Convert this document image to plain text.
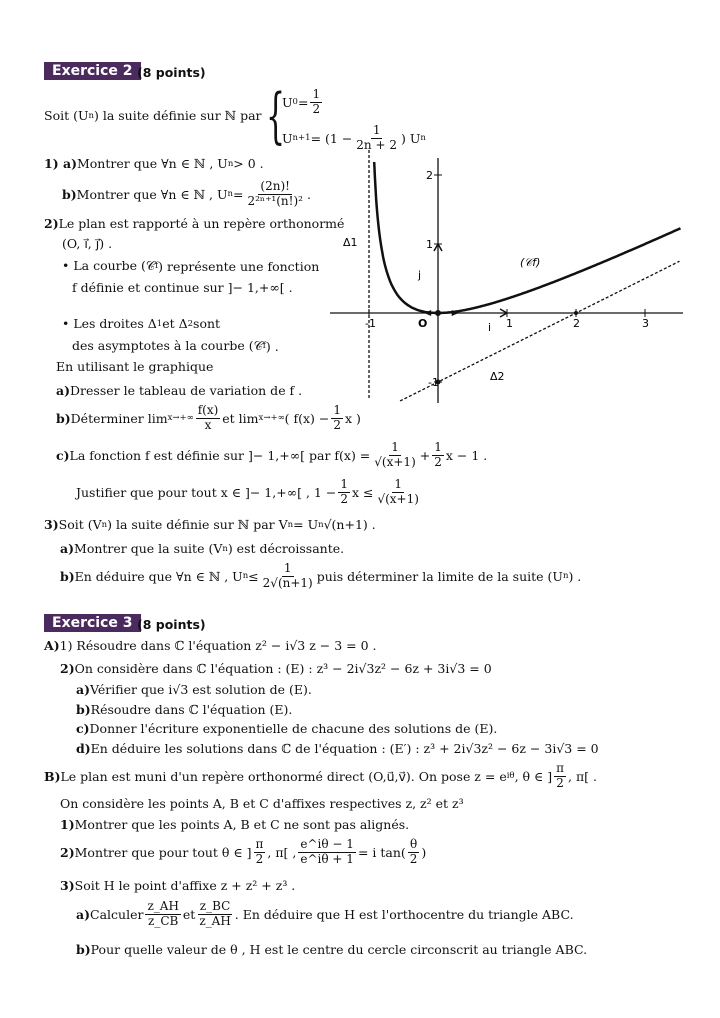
Exercice 2 (8 points)
{
Soit (U n ) la suite définie sur ℕ par
U $0 = \frac{1}{2}$
U $n+1 = (1 - \frac{1}{2n + 2}$ ) U n
1) a) Montrer que ∀n ∈ ℕ , U n > 0 .
b) Montrer que ∀n ∈ ℕ , U $n = \frac{(2n)!}{\text{2²ⁿ⁺¹(n!)²}}$ .
2) Le plan est rapporté à un repère orthonormé
(O, i⃗, j⃗) .
• La courbe (𝒞 f ) représente une fonction
f définie et continue sur ]− 1,+∞[ .
• Les droites Δ 1 et Δ 2 sont
des asymptotes à la courbe (𝒞 f ) .
En utilisant le graphique
a) Dresser le tableau de variation de f .
b) Déterminer $\lim x\to+\infty \frac{f(x)}{x}$ et lim x→+∞ ( $f(x) - \frac{1}{2}$ x )
c) La fonction f est définie sur ]− 1,+∞[ par $f(x) = \frac{1}{√(x+1)} + \frac{1}{2}$ x − 1 .
Justifier que pour tout x ∈ ]− 1,+∞[ , $1 - \frac{1}{2}$ $x \le \frac{1}{√(x+1)}$
3) Soit (V n ) la suite définie sur ℕ par V n = U n √(n+1) .
a) Montrer que la suite (V n ) est décroissante.
b) En déduire que ∀n ∈ ℕ , U $n \le \frac{1}{2√(n+1)}$ puis déterminer la limite de la suite (U n ) .
-1	1	2	3
1
2
-1
O	i
j
Δ1
Δ2
(𝒞f)
Exercice 3 (8 points)
A) 1) Résoudre dans ℂ l'équation z² − i√3 z − 3 = 0 .
2) On considère dans ℂ l'équation : (E) : z³ − 2i√3z² − 6z + 3i√3 = 0
a) Vérifier que i√3 est solution de (E).
b) Résoudre dans ℂ l'équation (E).
c) Donner l'écriture exponentielle de chacune des solutions de (E).
d) En déduire les solutions dans ℂ de l'équation : (E′) : z³ + 2i√3z² − 6z − 3i√3 = 0
B) Le plan est muni d'un repère orthonormé direct (O,u⃗,v⃗). On pose z = e iθ , θ ∈ ] $\frac{\pi}{2}$ , π[ .
On considère les points A, B et C d'affixes respectives z, z² et z³
1) Montrer que les points A, B et C ne sont pas alignés.
2) Montrer que pour tout θ ∈ ] $\frac{\pi}{2}$ , π[ , $\frac{e\^{}i\theta - 1}{e\^{}i\theta + 1} = i$ $\tan( \frac{\theta}{2}$ )
3) Soit H le point d'affixe z + z² + z³ .
a) Calculer $\frac{z\_AH}{z\_CB}$ et $\frac{z\_BC}{z\_AH}$ . En déduire que H est l'orthocentre du triangle ABC.
b) Pour quelle valeur de θ , H est le centre du cercle circonscrit au triangle ABC.
